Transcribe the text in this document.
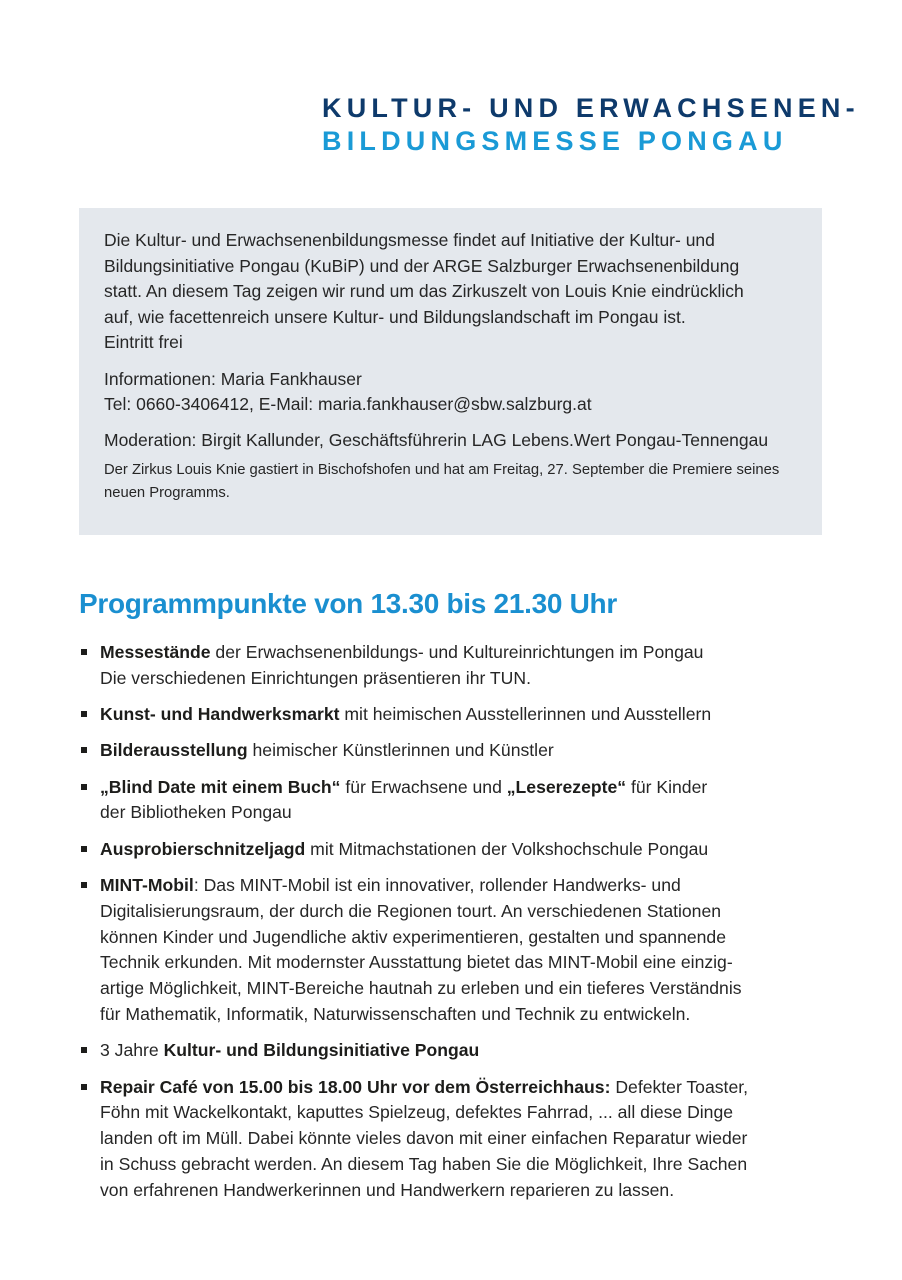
KULTUR- UND ERWACHSENEN-
BILDUNGSMESSE PONGAU

Die Kultur- und Erwachsenenbildungsmesse findet auf Initiative der Kultur- und

Bildungsinitiative Pongau (KuBiP) und der ARGE Salzburger Erwachsenenbildung

statt. An diesem Tag zeigen wir rund um das Zirkuszelt von Louis Knie eindrücklich

auf, wie facettenreich unsere Kultur- und Bildungslandschaft im Pongau ist.

Eintritt frei

Informationen: Maria Fankhauser

Tel: 0660-3406412, E-Mail: maria.fankhauser@sbw.salzburg.at

Moderation: Birgit Kallunder, Geschäftsführerin LAG Lebens.Wert Pongau-Tennengau

Der Zirkus Louis Knie gastiert in Bischofshofen und hat am Freitag, 27. September die Premiere seines neuen Programms.

Programmpunkte von 13.30 bis 21.30 Uhr
Messestände der Erwachsenenbildungs- und Kultureinrichtungen im Pongau
Die verschiedenen Einrichtungen präsentieren ihr TUN.
Kunst- und Handwerksmarkt mit heimischen Ausstellerinnen und Ausstellern
Bilderausstellung heimischer Künstlerinnen und Künstler
„Blind Date mit einem Buch“ für Erwachsene und „Leserezepte“ für Kinder
der Bibliotheken Pongau
Ausprobierschnitzeljagd mit Mitmachstationen der Volkshochschule Pongau
MINT-Mobil: Das MINT-Mobil ist ein innovativer, rollender Handwerks- und
Digitalisierungsraum, der durch die Regionen tourt. An verschiedenen Stationen
können Kinder und Jugendliche aktiv experimentieren, gestalten und spannende
Technik erkunden. Mit modernster Ausstattung bietet das MINT-Mobil eine einzig-
artige Möglichkeit, MINT-Bereiche hautnah zu erleben und ein tieferes Verständnis
für Mathematik, Informatik, Naturwissenschaften und Technik zu entwickeln.
3 Jahre Kultur- und Bildungsinitiative Pongau
Repair Café von 15.00 bis 18.00 Uhr vor dem Österreichhaus: Defekter Toaster,
Föhn mit Wackelkontakt, kaputtes Spielzeug, defektes Fahrrad, ... all diese Dinge
landen oft im Müll. Dabei könnte vieles davon mit einer einfachen Reparatur wieder
in Schuss gebracht werden. An diesem Tag haben Sie die Möglichkeit, Ihre Sachen
von erfahrenen Handwerkerinnen und Handwerkern reparieren zu lassen.
